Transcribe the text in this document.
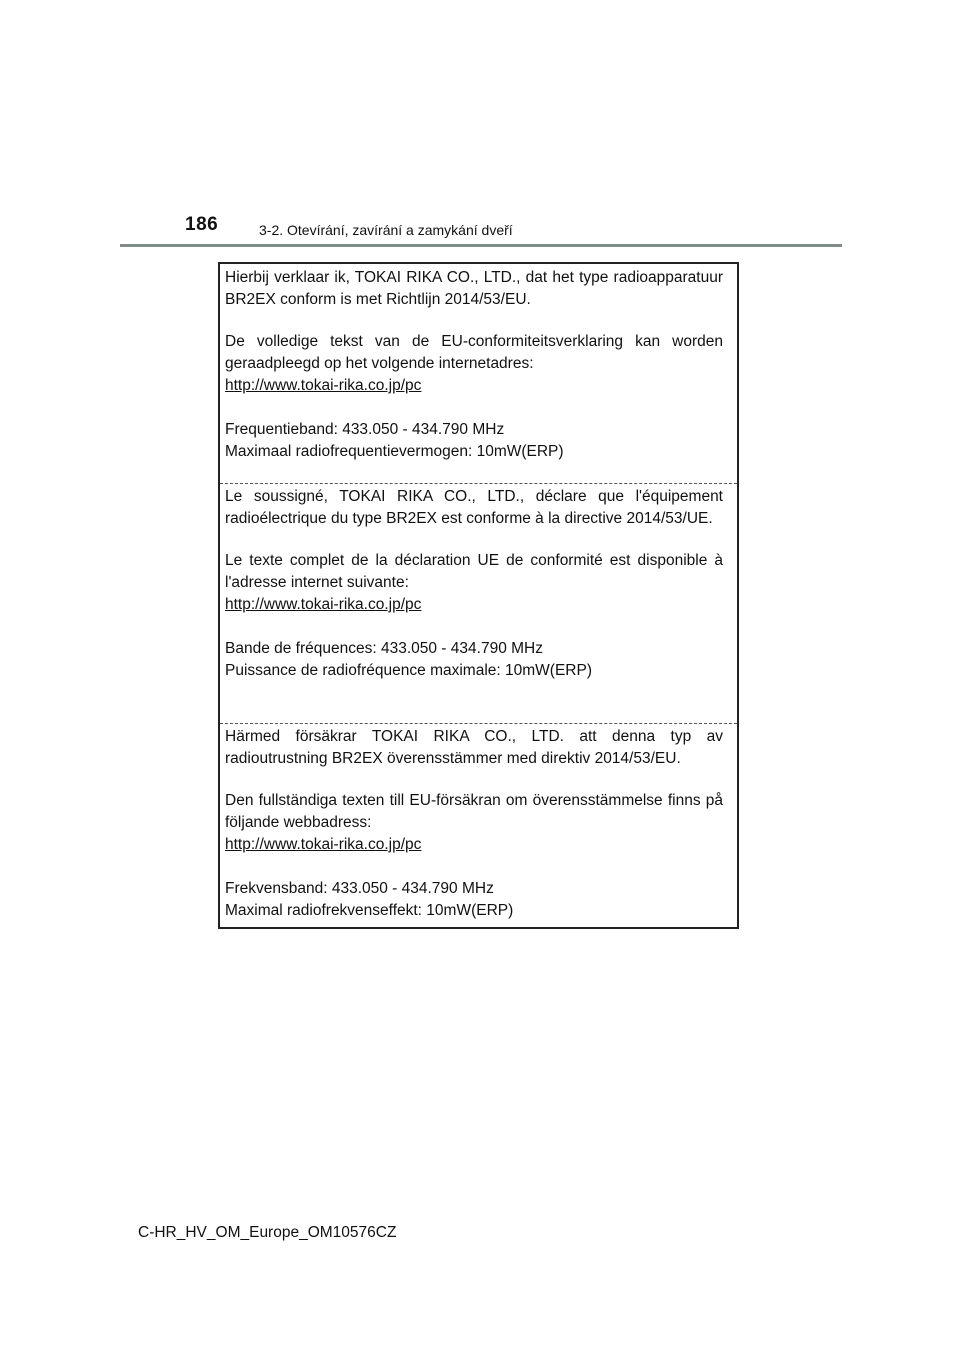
186	3-2. Otevírání, zavírání a zamykání dveří

Hierbij verklaar ik, TOKAI RIKA CO., LTD., dat het type radioapparatuur BR2EX conform is met Richtlijn 2014/53/EU.

De volledige tekst van de EU-conformiteitsverklaring kan worden geraadpleegd op het volgende internetadres:

http://www.tokai-rika.co.jp/pc

Frequentieband: 433.050 - 434.790 MHz

Maximaal radiofrequentievermogen: 10mW(ERP)

Le soussigné, TOKAI RIKA CO., LTD., déclare que l'équipement radioélectrique du type BR2EX est conforme à la directive 2014/53/UE.

Le texte complet de la déclaration UE de conformité est disponible à l'adresse internet suivante:

http://www.tokai-rika.co.jp/pc

Bande de fréquences: 433.050 - 434.790 MHz

Puissance de radiofréquence maximale: 10mW(ERP)

Härmed försäkrar TOKAI RIKA CO., LTD. att denna typ av radioutrustning BR2EX överensstämmer med direktiv 2014/53/EU.

Den fullständiga texten till EU-försäkran om överensstämmelse finns på följande webbadress:

http://www.tokai-rika.co.jp/pc

Frekvensband: 433.050 - 434.790 MHz

Maximal radiofrekvenseffekt: 10mW(ERP)

C-HR_HV_OM_Europe_OM10576CZ
